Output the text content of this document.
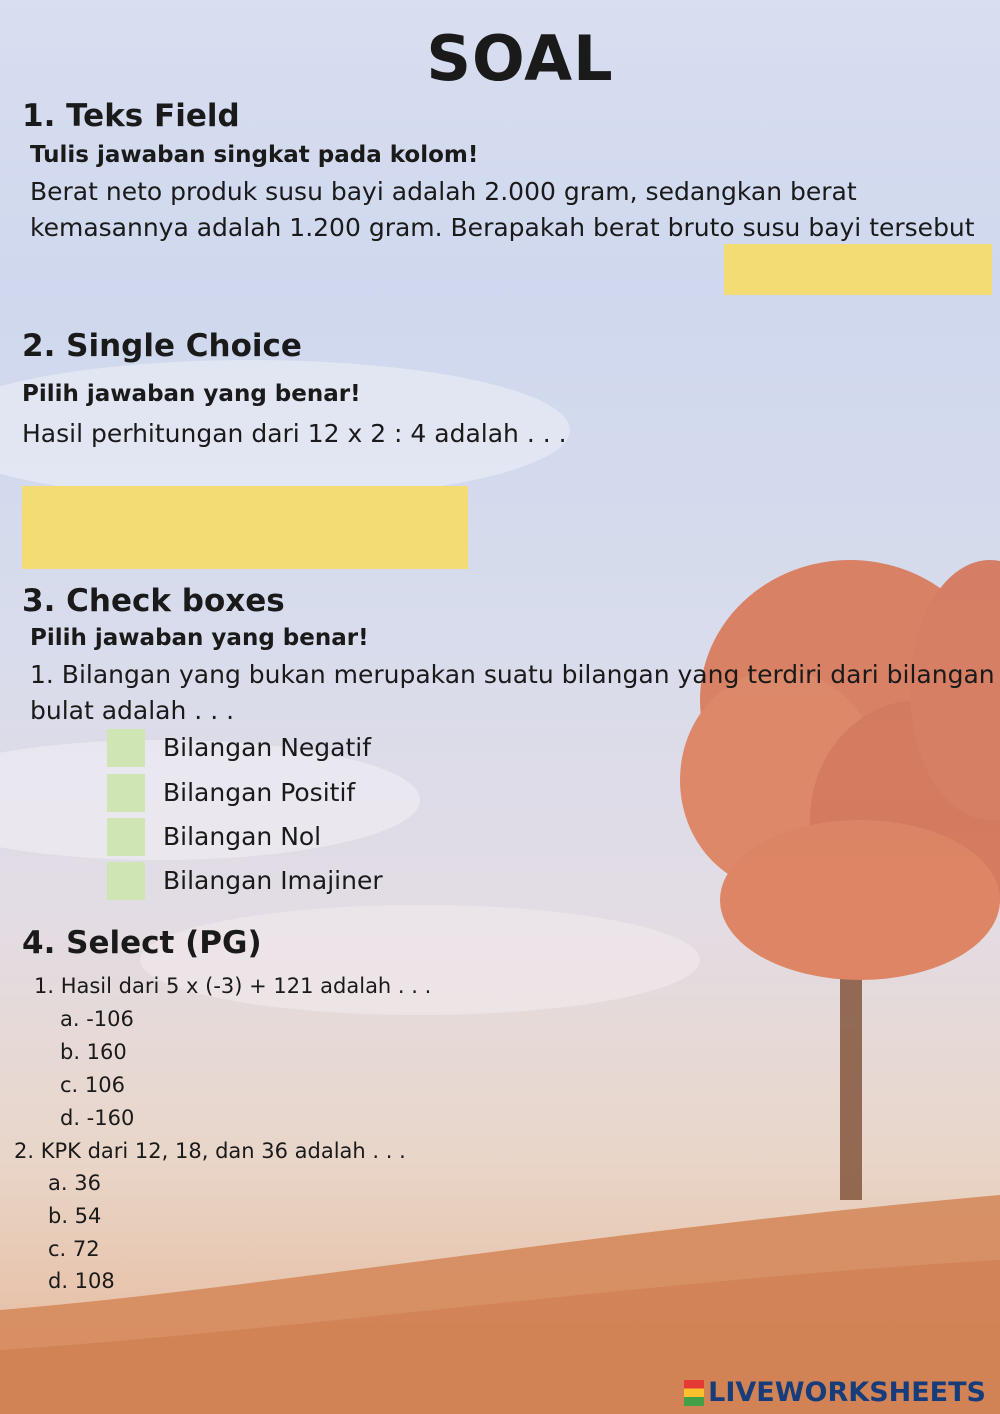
SOAL
1. Teks Field
Tulis jawaban singkat pada kolom!
Berat neto produk susu bayi adalah 2.000 gram, sedangkan berat
kemasannya adalah 1.200 gram. Berapakah berat bruto susu bayi tersebut
2. Single Choice
Pilih jawaban yang benar!
Hasil perhitungan dari 12 x 2 : 4 adalah . . .
3. Check boxes
Pilih jawaban yang benar!
1. Bilangan yang bukan merupakan suatu bilangan yang terdiri dari bilangan
bulat adalah . . .
Bilangan Negatif
Bilangan Positif
Bilangan Nol
Bilangan Imajiner
4. Select (PG)
1. Hasil dari 5 x (-3) + 121 adalah . . .
a. -106
b. 160
c. 106
d. -160
2. KPK dari 12, 18, dan 36 adalah . . .
a. 36
b. 54
c. 72
d. 108
LIVEWORKSHEETS
